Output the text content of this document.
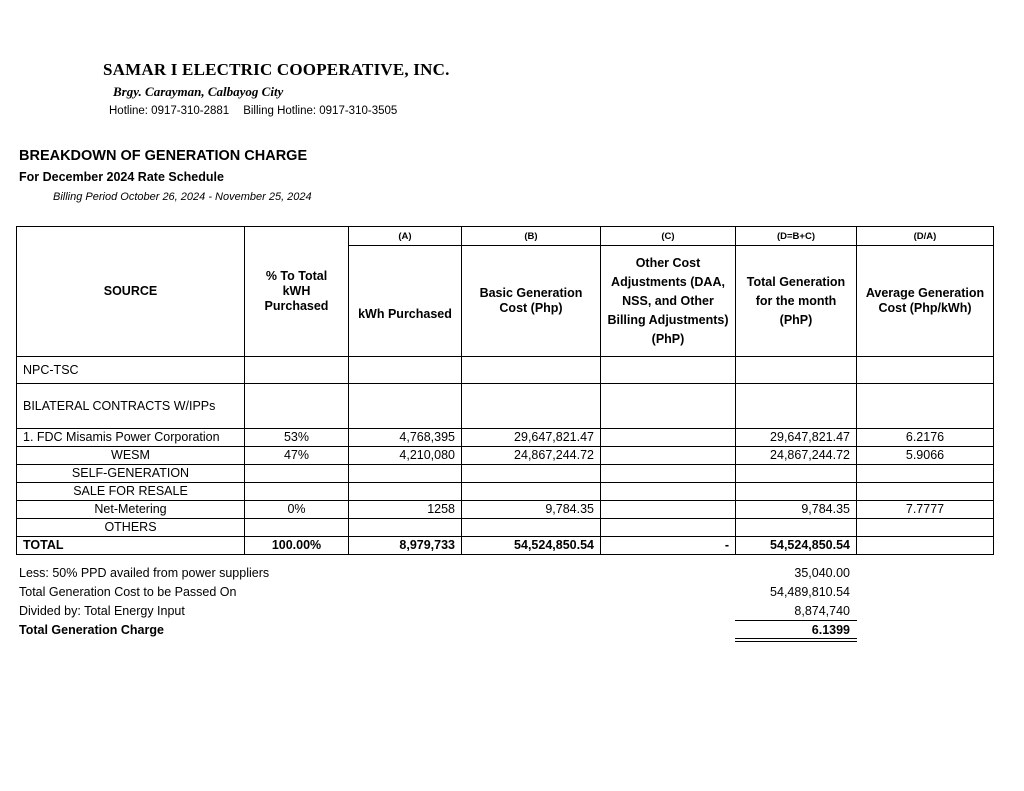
SAMAR I ELECTRIC COOPERATIVE, INC.
Brgy. Carayman, Calbayog City
Hotline: 0917-310-2881 Billing Hotline: 0917-310-3505
BREAKDOWN OF GENERATION CHARGE
For December 2024 Rate Schedule
Billing Period October 26, 2024 - November 25, 2024
SOURCE	% To Total kWH Purchased	(A)	(B)	(C)	(D=B+C)	(D/A)
		kWh Purchased	Basic Generation Cost (Php)	Other Cost Adjustments (DAA, NSS, and Other Billing Adjustments) (PhP)	Total Generation for the month (PhP)	Average Generation Cost (Php/kWh)
NPC-TSC						
BILATERAL CONTRACTS W/IPPs						
1. FDC Misamis Power Corporation	53%	4,768,395	29,647,821.47		29,647,821.47	6.2176
WESM	47%	4,210,080	24,867,244.72		24,867,244.72	5.9066
SELF-GENERATION						
SALE FOR RESALE						
Net-Metering	0%	1258	9,784.35		9,784.35	7.7777
OTHERS						
TOTAL	100.00%	8,979,733	54,524,850.54	-	54,524,850.54	
Less: 50% PPD availed from power suppliers	35,040.00
Total Generation Cost to be Passed On	54,489,810.54
Divided by: Total Energy Input	8,874,740
Total Generation Charge	6.1399
